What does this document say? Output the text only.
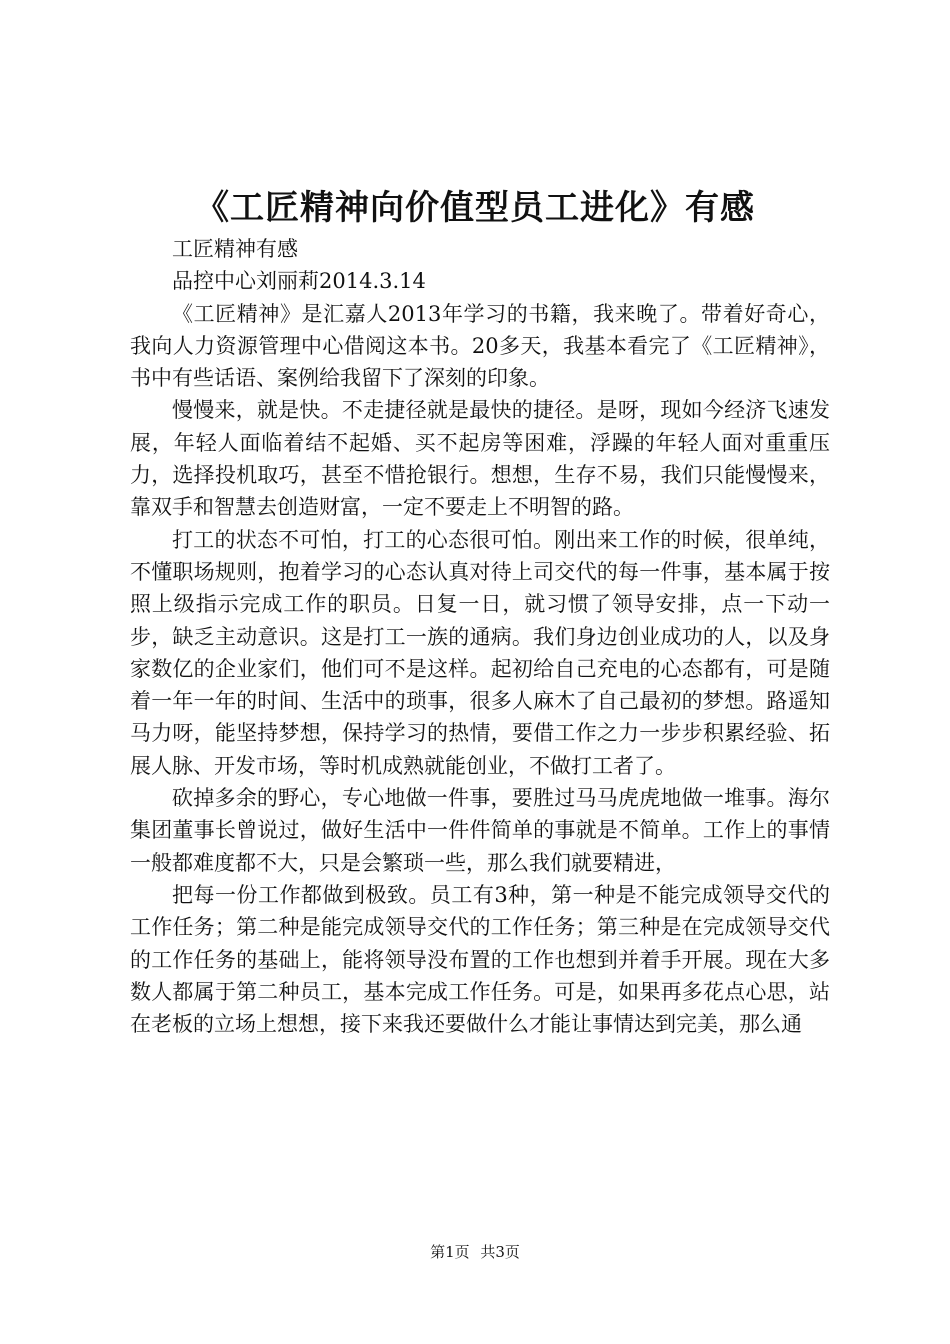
《工匠精神向价值型员工进化》有感

工匠精神有感

品控中心刘丽莉2014.3.14

《工匠精神》是汇嘉人2013年学习的书籍，我来晚了。带着好奇心，我向人力资源管理中心借阅这本书。20多天，我基本看完了《工匠精神》，书中有些话语、案例给我留下了深刻的印象。

慢慢来，就是快。不走捷径就是最快的捷径。是呀，现如今经济飞速发展，年轻人面临着结不起婚、买不起房等困难，浮躁的年轻人面对重重压力，选择投机取巧，甚至不惜抢银行。想想，生存不易，我们只能慢慢来，靠双手和智慧去创造财富，一定不要走上不明智的路。

打工的状态不可怕，打工的心态很可怕。刚出来工作的时候，很单纯，不懂职场规则，抱着学习的心态认真对待上司交代的每一件事，基本属于按照上级指示完成工作的职员。日复一日，就习惯了领导安排，点一下动一步，缺乏主动意识。这是打工一族的通病。我们身边创业成功的人，以及身家数亿的企业家们，他们可不是这样。起初给自己充电的心态都有，可是随着一年一年的时间、生活中的琐事，很多人麻木了自己最初的梦想。路遥知马力呀，能坚持梦想，保持学习的热情，要借工作之力一步步积累经验、拓展人脉、开发市场，等时机成熟就能创业，不做打工者了。

砍掉多余的野心，专心地做一件事，要胜过马马虎虎地做一堆事。海尔集团董事长曾说过，做好生活中一件件简单的事就是不简单。工作上的事情一般都难度都不大，只是会繁琐一些，那么我们就要精进，

把每一份工作都做到极致。员工有3种，第一种是不能完成领导交代的工作任务；第二种是能完成领导交代的工作任务；第三种是在完成领导交代的工作任务的基础上，能将领导没布置的工作也想到并着手开展。现在大多数人都属于第二种员工，基本完成工作任务。可是，如果再多花点心思，站在老板的立场上想想，接下来我还要做什么才能让事情达到完美，那么通

第1页 共3页
